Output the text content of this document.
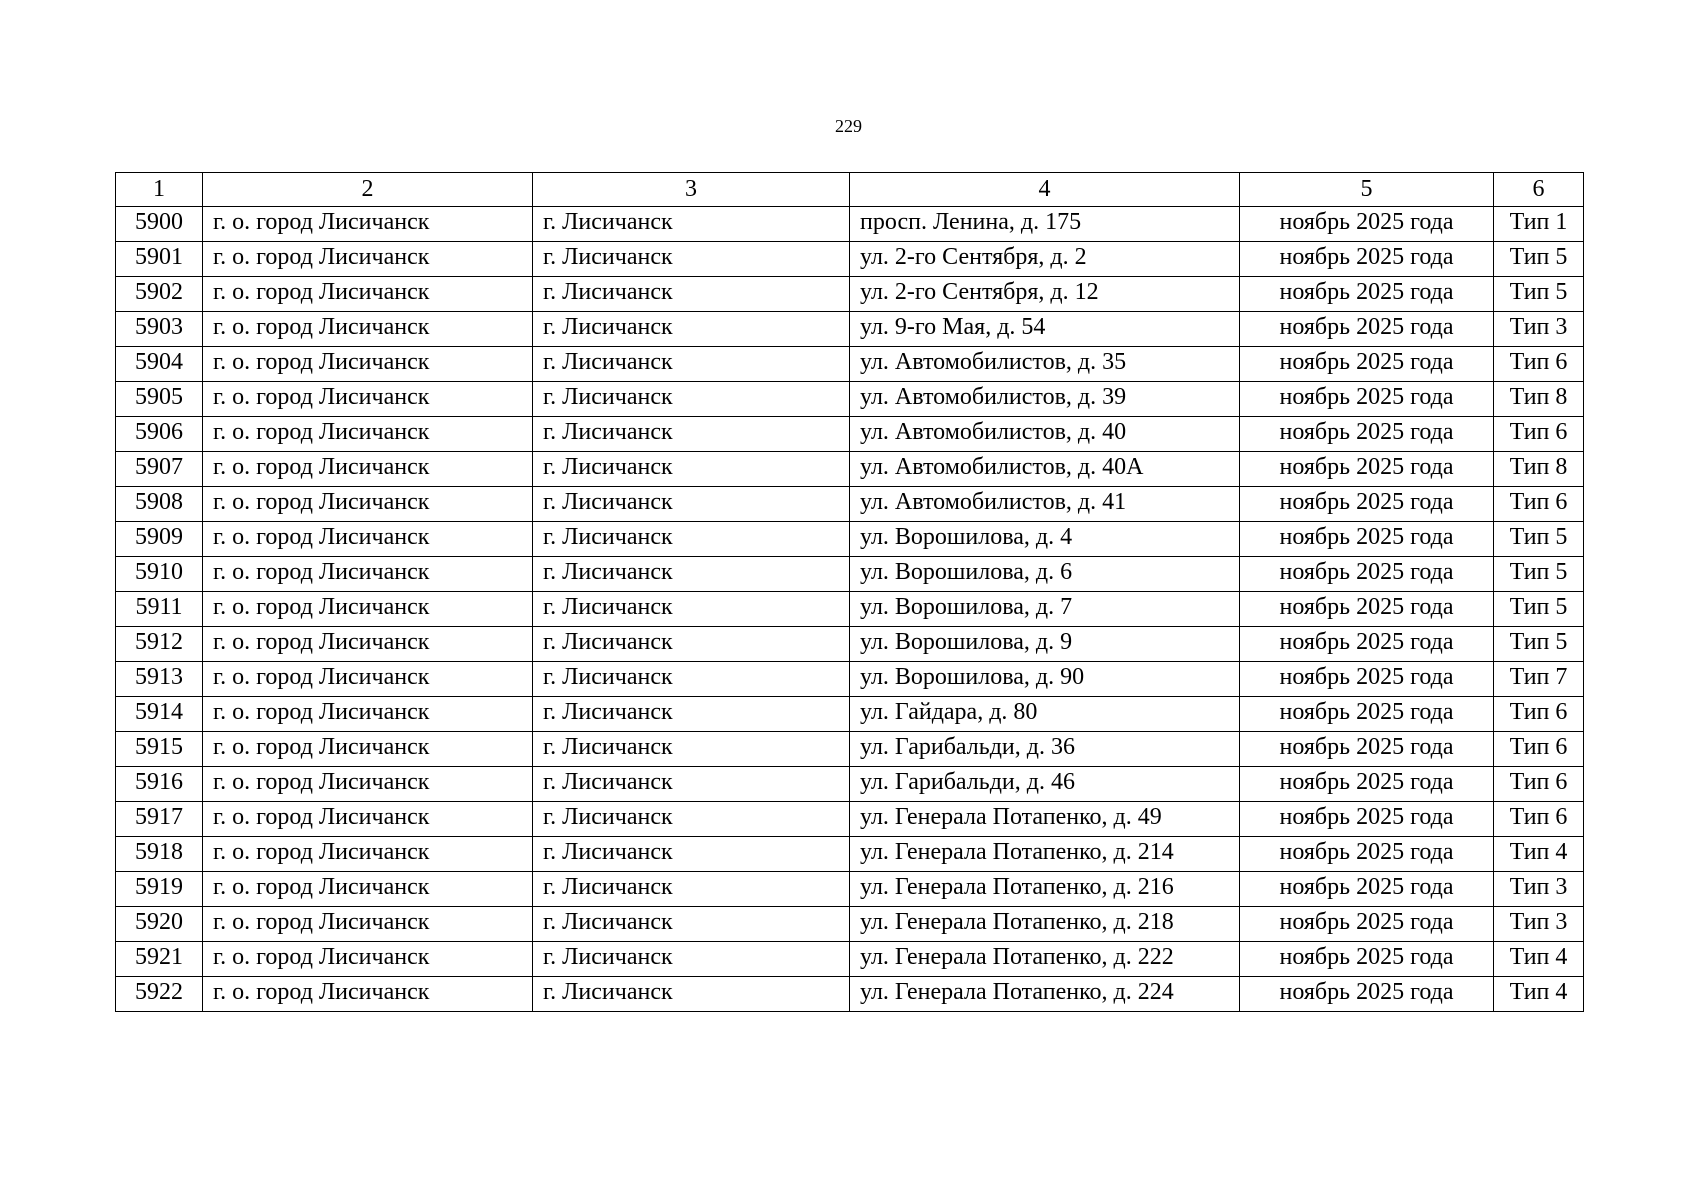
229
1	2	3	4	5	6
5900	г. о. город Лисичанск	г. Лисичанск	просп. Ленина, д. 175	ноябрь 2025 года	Тип 1
5901	г. о. город Лисичанск	г. Лисичанск	ул. 2-го Сентября, д. 2	ноябрь 2025 года	Тип 5
5902	г. о. город Лисичанск	г. Лисичанск	ул. 2-го Сентября, д. 12	ноябрь 2025 года	Тип 5
5903	г. о. город Лисичанск	г. Лисичанск	ул. 9-го Мая, д. 54	ноябрь 2025 года	Тип 3
5904	г. о. город Лисичанск	г. Лисичанск	ул. Автомобилистов, д. 35	ноябрь 2025 года	Тип 6
5905	г. о. город Лисичанск	г. Лисичанск	ул. Автомобилистов, д. 39	ноябрь 2025 года	Тип 8
5906	г. о. город Лисичанск	г. Лисичанск	ул. Автомобилистов, д. 40	ноябрь 2025 года	Тип 6
5907	г. о. город Лисичанск	г. Лисичанск	ул. Автомобилистов, д. 40А	ноябрь 2025 года	Тип 8
5908	г. о. город Лисичанск	г. Лисичанск	ул. Автомобилистов, д. 41	ноябрь 2025 года	Тип 6
5909	г. о. город Лисичанск	г. Лисичанск	ул. Ворошилова, д. 4	ноябрь 2025 года	Тип 5
5910	г. о. город Лисичанск	г. Лисичанск	ул. Ворошилова, д. 6	ноябрь 2025 года	Тип 5
5911	г. о. город Лисичанск	г. Лисичанск	ул. Ворошилова, д. 7	ноябрь 2025 года	Тип 5
5912	г. о. город Лисичанск	г. Лисичанск	ул. Ворошилова, д. 9	ноябрь 2025 года	Тип 5
5913	г. о. город Лисичанск	г. Лисичанск	ул. Ворошилова, д. 90	ноябрь 2025 года	Тип 7
5914	г. о. город Лисичанск	г. Лисичанск	ул. Гайдара, д. 80	ноябрь 2025 года	Тип 6
5915	г. о. город Лисичанск	г. Лисичанск	ул. Гарибальди, д. 36	ноябрь 2025 года	Тип 6
5916	г. о. город Лисичанск	г. Лисичанск	ул. Гарибальди, д. 46	ноябрь 2025 года	Тип 6
5917	г. о. город Лисичанск	г. Лисичанск	ул. Генерала Потапенко, д. 49	ноябрь 2025 года	Тип 6
5918	г. о. город Лисичанск	г. Лисичанск	ул. Генерала Потапенко, д. 214	ноябрь 2025 года	Тип 4
5919	г. о. город Лисичанск	г. Лисичанск	ул. Генерала Потапенко, д. 216	ноябрь 2025 года	Тип 3
5920	г. о. город Лисичанск	г. Лисичанск	ул. Генерала Потапенко, д. 218	ноябрь 2025 года	Тип 3
5921	г. о. город Лисичанск	г. Лисичанск	ул. Генерала Потапенко, д. 222	ноябрь 2025 года	Тип 4
5922	г. о. город Лисичанск	г. Лисичанск	ул. Генерала Потапенко, д. 224	ноябрь 2025 года	Тип 4
